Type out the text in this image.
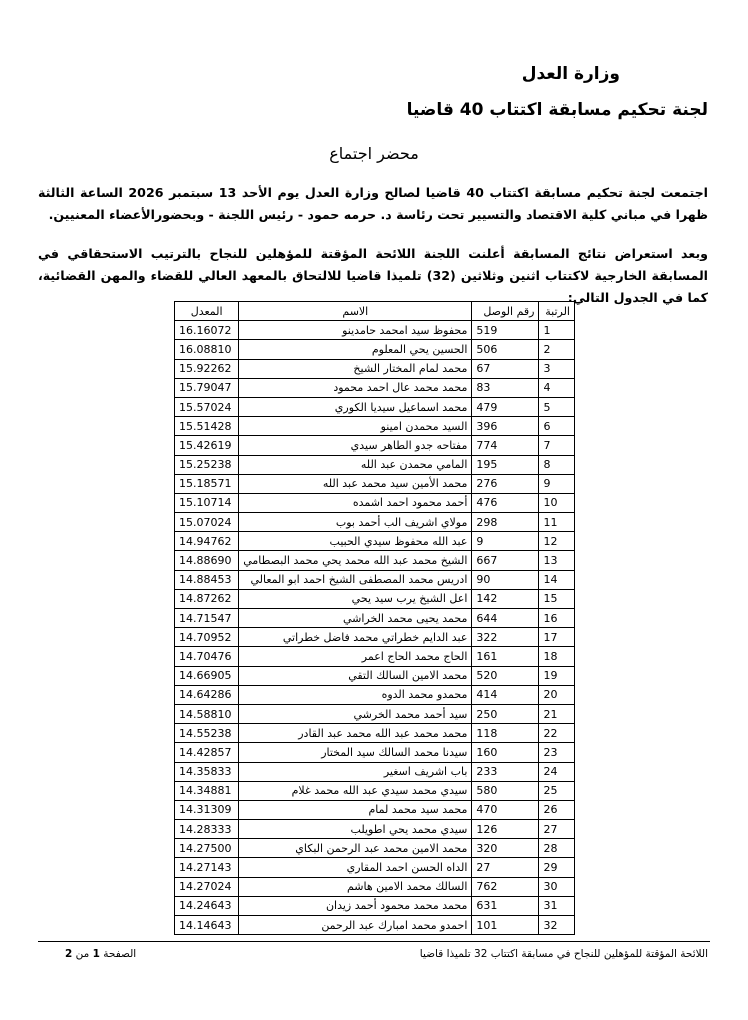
وزارة العدل
لجنة تحكيم مسابقة اكتتاب 40 قاضيا
محضر اجتماع

اجتمعت لجنة تحكيم مسابقة اكتتاب 40 قاضيا لصالح وزارة العدل يوم الأحد 13 سبتمبر 2026 الساعة الثالثة ظهرا في مباني كلية الاقتصاد والتسيير تحت رئاسة د. حرمه حمود - رئيس اللجنة - وبحضورالأعضاء المعنيين.

وبعد استعراض نتائج المسابقة أعلنت اللجنة اللائحة المؤقتة للمؤهلين للنجاح بالترتيب الاستحقاقي في المسابقة الخارجية لاكتتاب اثنين وثلاثين (32) تلميذا قاضيا للالتحاق بالمعهد العالي للقضاء والمهن القضائية، كما في الجدول التالي:

الرتبة	رقم الوصل	الاسم	المعدل
1	519	محفوظ سيد امحمد حامدينو	16.16072
2	506	الحسين يحي المعلوم	16.08810
3	67	محمد لمام المختار الشيخ	15.92262
4	83	محمد محمد عال احمد محمود	15.79047
5	479	محمد اسماعيل سيديا الكوري	15.57024
6	396	السيد محمدن امينو	15.51428
7	774	مفتاحه جدو الطاهر سيدي	15.42619
8	195	المامي محمدن عبد الله	15.25238
9	276	محمد الأمين سيد محمد عبد الله	15.18571
10	476	أحمد محمود احمد اشمده	15.10714
11	298	مولاي اشريف الب أحمد بوب	15.07024
12	9	عبد الله محفوظ سيدي الحبيب	14.94762
13	667	الشيخ محمد عبد الله محمد يحي محمد البصطامي	14.88690
14	90	ادريس محمد المصطفى الشيخ احمد ابو المعالي	14.88453
15	142	اعل الشيخ يرب سيد يحي	14.87262
16	644	محمد يحيى محمد الخراشي	14.71547
17	322	عبد الدايم خطراتي محمد فاضل خطراتي	14.70952
18	161	الحاج محمد الحاج اعمر	14.70476
19	520	محمد الامين السالك التقي	14.66905
20	414	محمدو محمد الدوه	14.64286
21	250	سيد أحمد محمد الخرشي	14.58810
22	118	محمد محمد عبد الله محمد عبد القادر	14.55238
23	160	سيدنا محمد السالك سيد المختار	14.42857
24	233	باب اشريف اسغير	14.35833
25	580	سيدي محمد سيدي عبد الله محمد غلام	14.34881
26	470	محمد سيد محمد لمام	14.31309
27	126	سيدي محمد يحي اطويلب	14.28333
28	320	محمد الامين محمد عبد الرحمن البكاي	14.27500
29	27	الداه الحسن احمد المقاري	14.27143
30	762	السالك محمد الامين هاشم	14.27024
31	631	محمد محمد محمود أحمد زيدان	14.24643
32	101	احمدو محمد امبارك عبد الرحمن	14.14643
اللائحة المؤقتة للمؤهلين للنجاح في مسابقة اكتتاب 32 تلميذا قاضيا
الصفحة 1 من 2
